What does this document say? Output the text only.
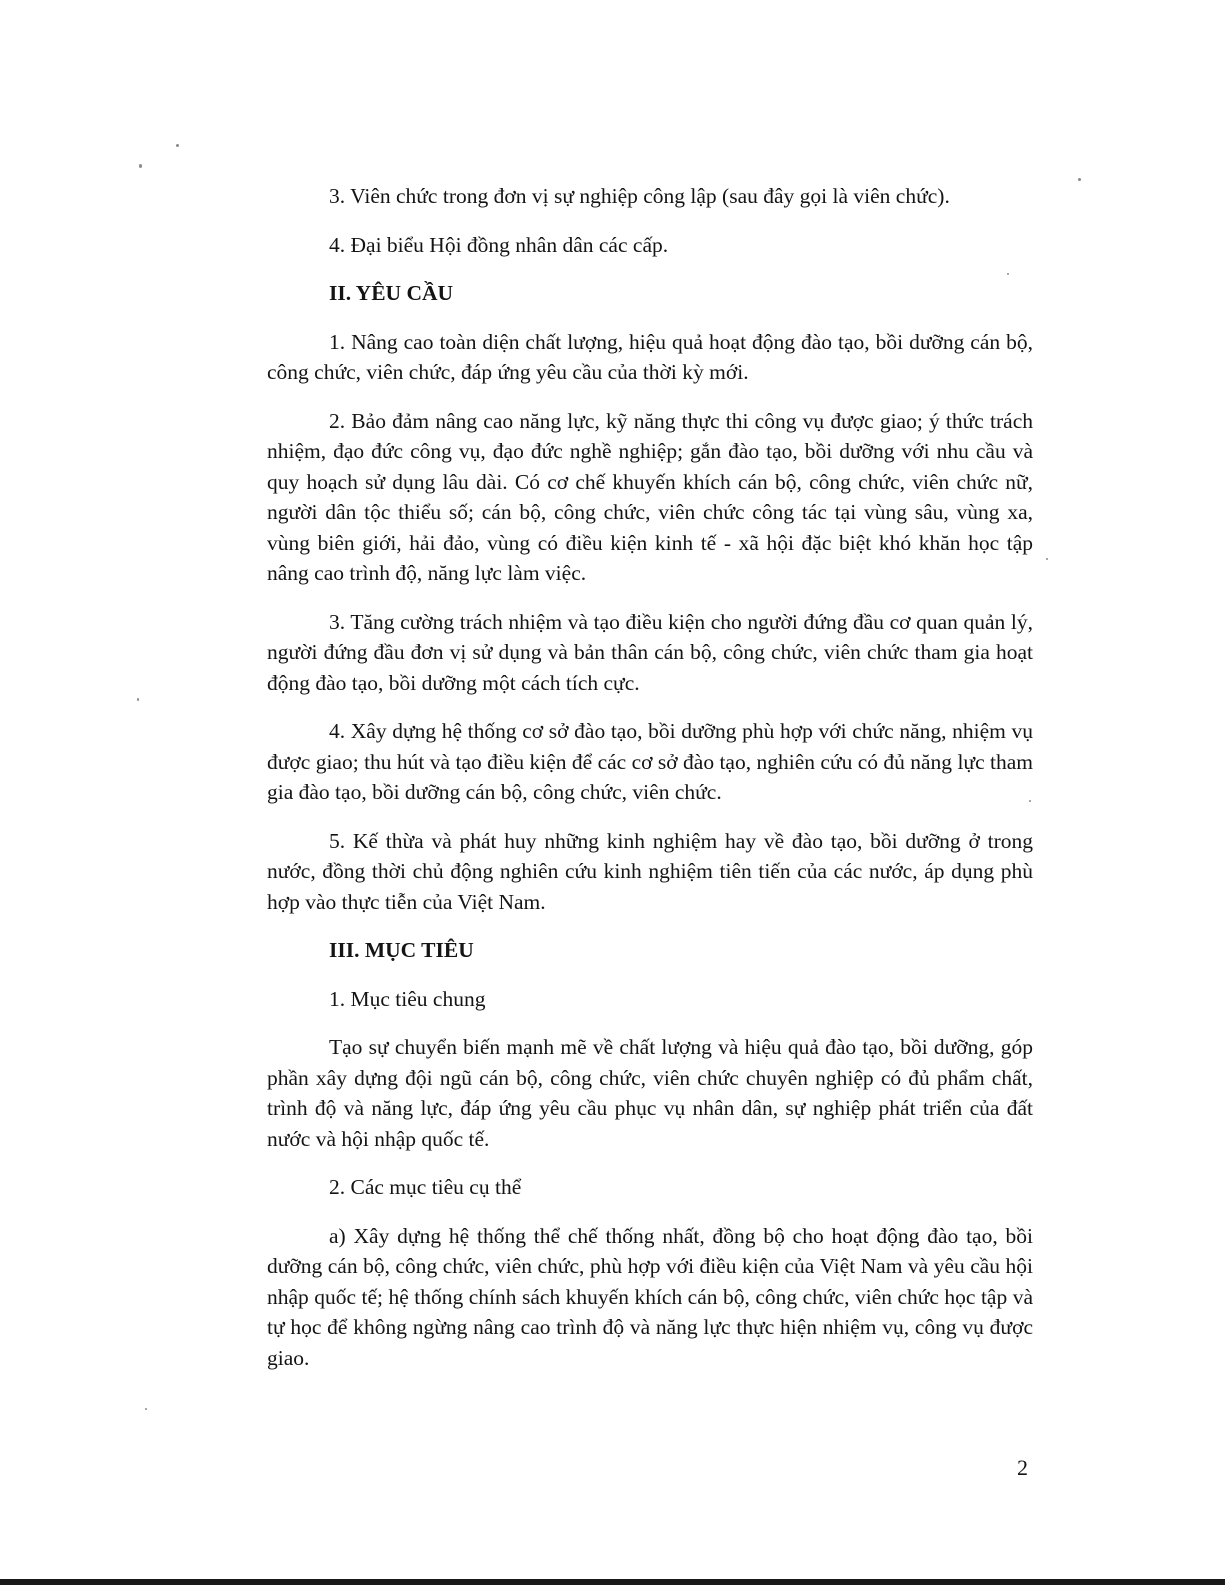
3. Viên chức trong đơn vị sự nghiệp công lập (sau đây gọi là viên chức).

4. Đại biểu Hội đồng nhân dân các cấp.

II. YÊU CẦU

1. Nâng cao toàn diện chất lượng, hiệu quả hoạt động đào tạo, bồi dưỡng cán bộ, công chức, viên chức, đáp ứng yêu cầu của thời kỳ mới.

2. Bảo đảm nâng cao năng lực, kỹ năng thực thi công vụ được giao; ý thức trách nhiệm, đạo đức công vụ, đạo đức nghề nghiệp; gắn đào tạo, bồi dưỡng với nhu cầu và quy hoạch sử dụng lâu dài. Có cơ chế khuyến khích cán bộ, công chức, viên chức nữ, người dân tộc thiểu số; cán bộ, công chức, viên chức công tác tại vùng sâu, vùng xa, vùng biên giới, hải đảo, vùng có điều kiện kinh tế - xã hội đặc biệt khó khăn học tập nâng cao trình độ, năng lực làm việc.

3. Tăng cường trách nhiệm và tạo điều kiện cho người đứng đầu cơ quan quản lý, người đứng đầu đơn vị sử dụng và bản thân cán bộ, công chức, viên chức tham gia hoạt động đào tạo, bồi dưỡng một cách tích cực.

4. Xây dựng hệ thống cơ sở đào tạo, bồi dưỡng phù hợp với chức năng, nhiệm vụ được giao; thu hút và tạo điều kiện để các cơ sở đào tạo, nghiên cứu có đủ năng lực tham gia đào tạo, bồi dưỡng cán bộ, công chức, viên chức.

5. Kế thừa và phát huy những kinh nghiệm hay về đào tạo, bồi dưỡng ở trong nước, đồng thời chủ động nghiên cứu kinh nghiệm tiên tiến của các nước, áp dụng phù hợp vào thực tiễn của Việt Nam.

III. MỤC TIÊU

1. Mục tiêu chung

Tạo sự chuyển biến mạnh mẽ về chất lượng và hiệu quả đào tạo, bồi dưỡng, góp phần xây dựng đội ngũ cán bộ, công chức, viên chức chuyên nghiệp có đủ phẩm chất, trình độ và năng lực, đáp ứng yêu cầu phục vụ nhân dân, sự nghiệp phát triển của đất nước và hội nhập quốc tế.

2. Các mục tiêu cụ thể

a) Xây dựng hệ thống thể chế thống nhất, đồng bộ cho hoạt động đào tạo, bồi dưỡng cán bộ, công chức, viên chức, phù hợp với điều kiện của Việt Nam và yêu cầu hội nhập quốc tế; hệ thống chính sách khuyến khích cán bộ, công chức, viên chức học tập và tự học để không ngừng nâng cao trình độ và năng lực thực hiện nhiệm vụ, công vụ được giao.

2
